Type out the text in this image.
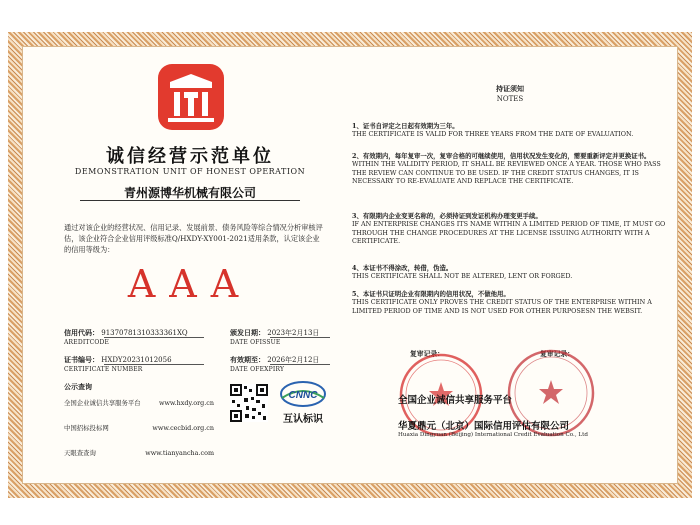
诚信经营示范单位
DEMONSTRATION UNIT OF HONEST OPERATION
青州源博华机械有限公司
通过对该企业的经营状况、信用记录、发展前景、债务风险等综合情况分析审核评估，该企业符合企业信用评级标准Q/HXDY-XY001-2021适用条款，认定该企业的信用等级为：
AAA
信用代码： 91370781310333361XQ
AREDITCODE
颁发日期： 2023年2月13日
DATE OFISSUE
证书编号： HXDY20231012056
CERTIFICATE NUMBER
有效期至： 2026年2月12日
DATE OFEXPIRY
公示查询
全国企业诚信共享服务平台	www.hxdy.org.cn
中国招标投标网	www.cecbid.org.cn
天眼查查询	www.tianyancha.com
CNNC
互认标识
持证须知
NOTES
1、证书自评定之日起有效期为三年。
THE CERTIFICATE IS VALID FOR THREE YEARS FROM THE DATE OF EVALUATION.
2、有效期内，每年复审一次，复审合格的可继续使用，信用状况发生变化的，需要重新评定并更换证书。
WITHIN THE VALIDITY PERIOD, IT SHALL BE REVIEWED ONCE A YEAR. THOSE WHO PASS THE REVIEW CAN CONTINUE TO BE USED. IF THE CREDIT STATUS CHANGES, IT IS NECESSARY TO RE-EVALUATE AND REPLACE THE CERTIFICATE.
3、有限期内企业变更名称的，必须持证到发证机构办理变更手续。
IF AN ENTERPRISE CHANGES ITS NAME WITHIN A LIMITED PERIOD OF TIME, IT MUST GO THROUGH THE CHANGE PROCEDURES AT THE LICENSE ISSUING AUTHORITY WITH A CERTIFICATE.
4、本证书不得涂改，转借，伪造。
THIS CERTIFICATE SHALL NOT BE ALTERED, LENT OR FORGED.
5、本证书只证明企业有限期内的信用状况，不做他用。
THIS CERTIFICATE ONLY PROVES THE CREDIT STATUS OF THE ENTERPRISE WITHIN A LIMITED PERIOD OF TIME AND IS NOT USED FOR OTHER PURPOSESN THE WEBSIT.
复审记录：	复审记录：
全国企业诚信共享服务平台
华夏鼎元（北京）国际信用评估有限公司
Huaxia Dingyuan (Beijing) International Credit Evaluation Co., Ltd
